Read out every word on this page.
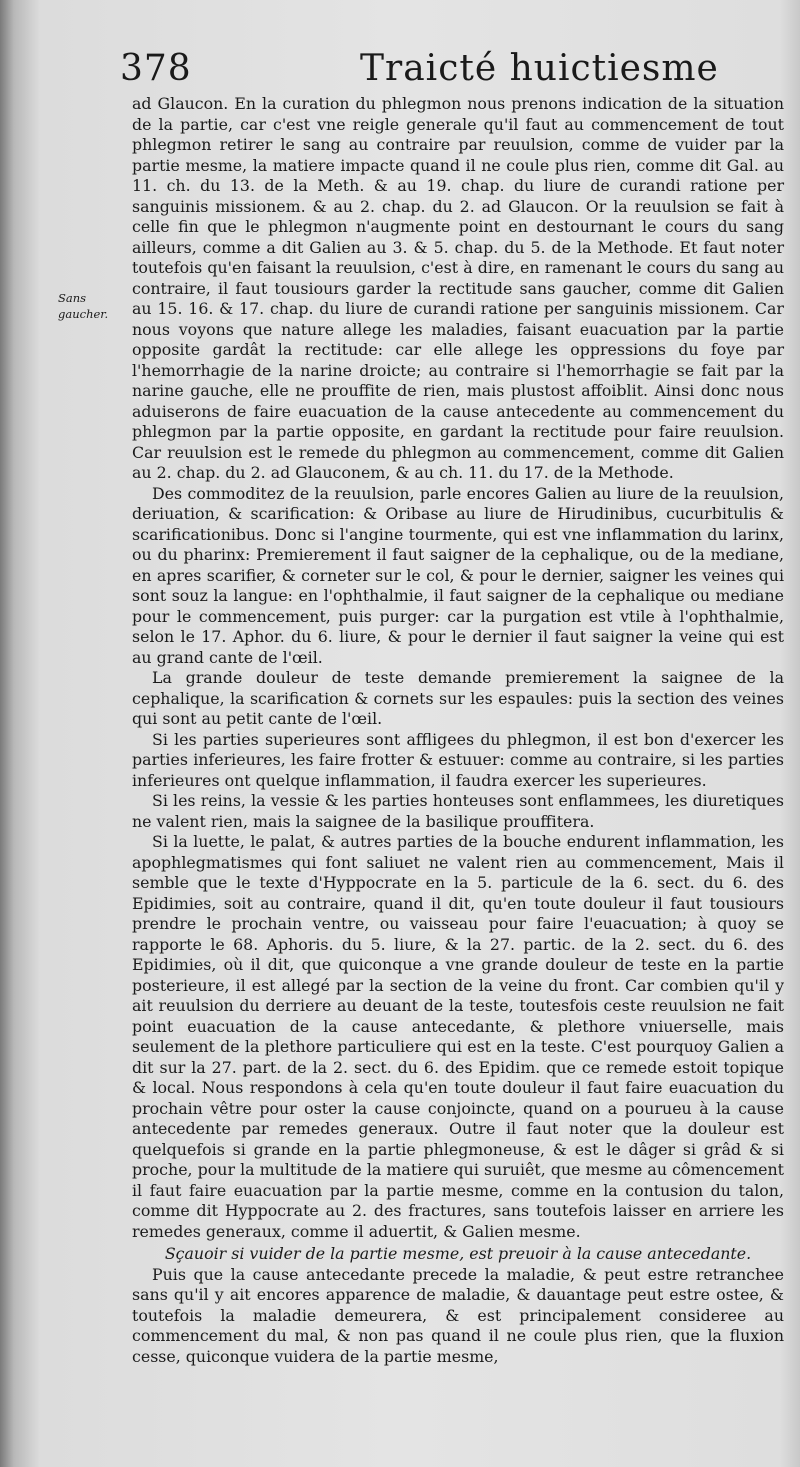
378	Traicté huictiesme
Sans gaucher.

ad Glaucon. En la curation du phlegmon nous prenons indication de la situation de la partie, car c'est vne reigle generale qu'il faut au commencement de tout phlegmon retirer le sang au contraire par reuulsion, comme de vuider par la partie mesme, la matiere impacte quand il ne coule plus rien, comme dit Gal. au 11. ch. du 13. de la Meth. & au 19. chap. du liure de curandi ratione per sanguinis missionem. & au 2. chap. du 2. ad Glaucon. Or la reuulsion se fait à celle fin que le phlegmon n'augmente point en destournant le cours du sang ailleurs, comme a dit Galien au 3. & 5. chap. du 5. de la Methode. Et faut noter toutefois qu'en faisant la reuulsion, c'est à dire, en ramenant le cours du sang au contraire, il faut tousiours garder la rectitude sans gaucher, comme dit Galien au 15. 16. & 17. chap. du liure de curandi ratione per sanguinis missionem. Car nous voyons que nature allege les maladies, faisant euacuation par la partie opposite gardât la rectitude: car elle allege les oppressions du foye par l'hemorrhagie de la narine droicte; au contraire si l'hemorrhagie se fait par la narine gauche, elle ne prouffite de rien, mais plustost affoiblit. Ainsi donc nous aduiserons de faire euacuation de la cause antecedente au commencement du phlegmon par la partie opposite, en gardant la rectitude pour faire reuulsion. Car reuulsion est le remede du phlegmon au commencement, comme dit Galien au 2. chap. du 2. ad Glauconem, & au ch. 11. du 17. de la Methode.

Des commoditez de la reuulsion, parle encores Galien au liure de la reuulsion, deriuation, & scarification: & Oribase au liure de Hirudinibus, cucurbitulis & scarificationibus. Donc si l'angine tourmente, qui est vne inflammation du larinx, ou du pharinx: Premierement il faut saigner de la cephalique, ou de la mediane, en apres scarifier, & corneter sur le col, & pour le dernier, saigner les veines qui sont souz la langue: en l'ophthalmie, il faut saigner de la cephalique ou mediane pour le commencement, puis purger: car la purgation est vtile à l'ophthalmie, selon le 17. Aphor. du 6. liure, & pour le dernier il faut saigner la veine qui est au grand cante de l'œil.

La grande douleur de teste demande premierement la saignee de la cephalique, la scarification & cornets sur les espaules: puis la section des veines qui sont au petit cante de l'œil.

Si les parties superieures sont affligees du phlegmon, il est bon d'exercer les parties inferieures, les faire frotter & estuuer: comme au contraire, si les parties inferieures ont quelque inflammation, il faudra exercer les superieures.

Si les reins, la vessie & les parties honteuses sont enflammees, les diuretiques ne valent rien, mais la saignee de la basilique prouffitera.

Si la luette, le palat, & autres parties de la bouche endurent inflammation, les apophlegmatismes qui font saliuet ne valent rien au commencement, Mais il semble que le texte d'Hyppocrate en la 5. particule de la 6. sect. du 6. des Epidimies, soit au contraire, quand il dit, qu'en toute douleur il faut tousiours prendre le prochain ventre, ou vaisseau pour faire l'euacuation; à quoy se rapporte le 68. Aphoris. du 5. liure, & la 27. partic. de la 2. sect. du 6. des Epidimies, où il dit, que quiconque a vne grande douleur de teste en la partie posterieure, il est allegé par la section de la veine du front. Car combien qu'il y ait reuulsion du derriere au deuant de la teste, toutesfois ceste reuulsion ne fait point euacuation de la cause antecedante, & plethore vniuerselle, mais seulement de la plethore particuliere qui est en la teste. C'est pourquoy Galien a dit sur la 27. part. de la 2. sect. du 6. des Epidim. que ce remede estoit topique & local. Nous respondons à cela qu'en toute douleur il faut faire euacuation du prochain vêtre pour oster la cause conjoincte, quand on a pourueu à la cause antecedente par remedes generaux. Outre il faut noter que la douleur est quelquefois si grande en la partie phlegmoneuse, & est le dâger si grâd & si proche, pour la multitude de la matiere qui suruiêt, que mesme au cômencement il faut faire euacuation par la partie mesme, comme en la contusion du talon, comme dit Hyppocrate au 2. des fractures, sans toutefois laisser en arriere les remedes generaux, comme il aduertit, & Galien mesme.

Sçauoir si vuider de la partie mesme, est preuoir à la cause antecedante.

Puis que la cause antecedante precede la maladie, & peut estre retranchee sans qu'il y ait encores apparence de maladie, & dauantage peut estre ostee, & toutefois la maladie demeurera, & est principalement consideree au commencement du mal, & non pas quand il ne coule plus rien, que la fluxion cesse, quiconque vuidera de la partie mesme,
